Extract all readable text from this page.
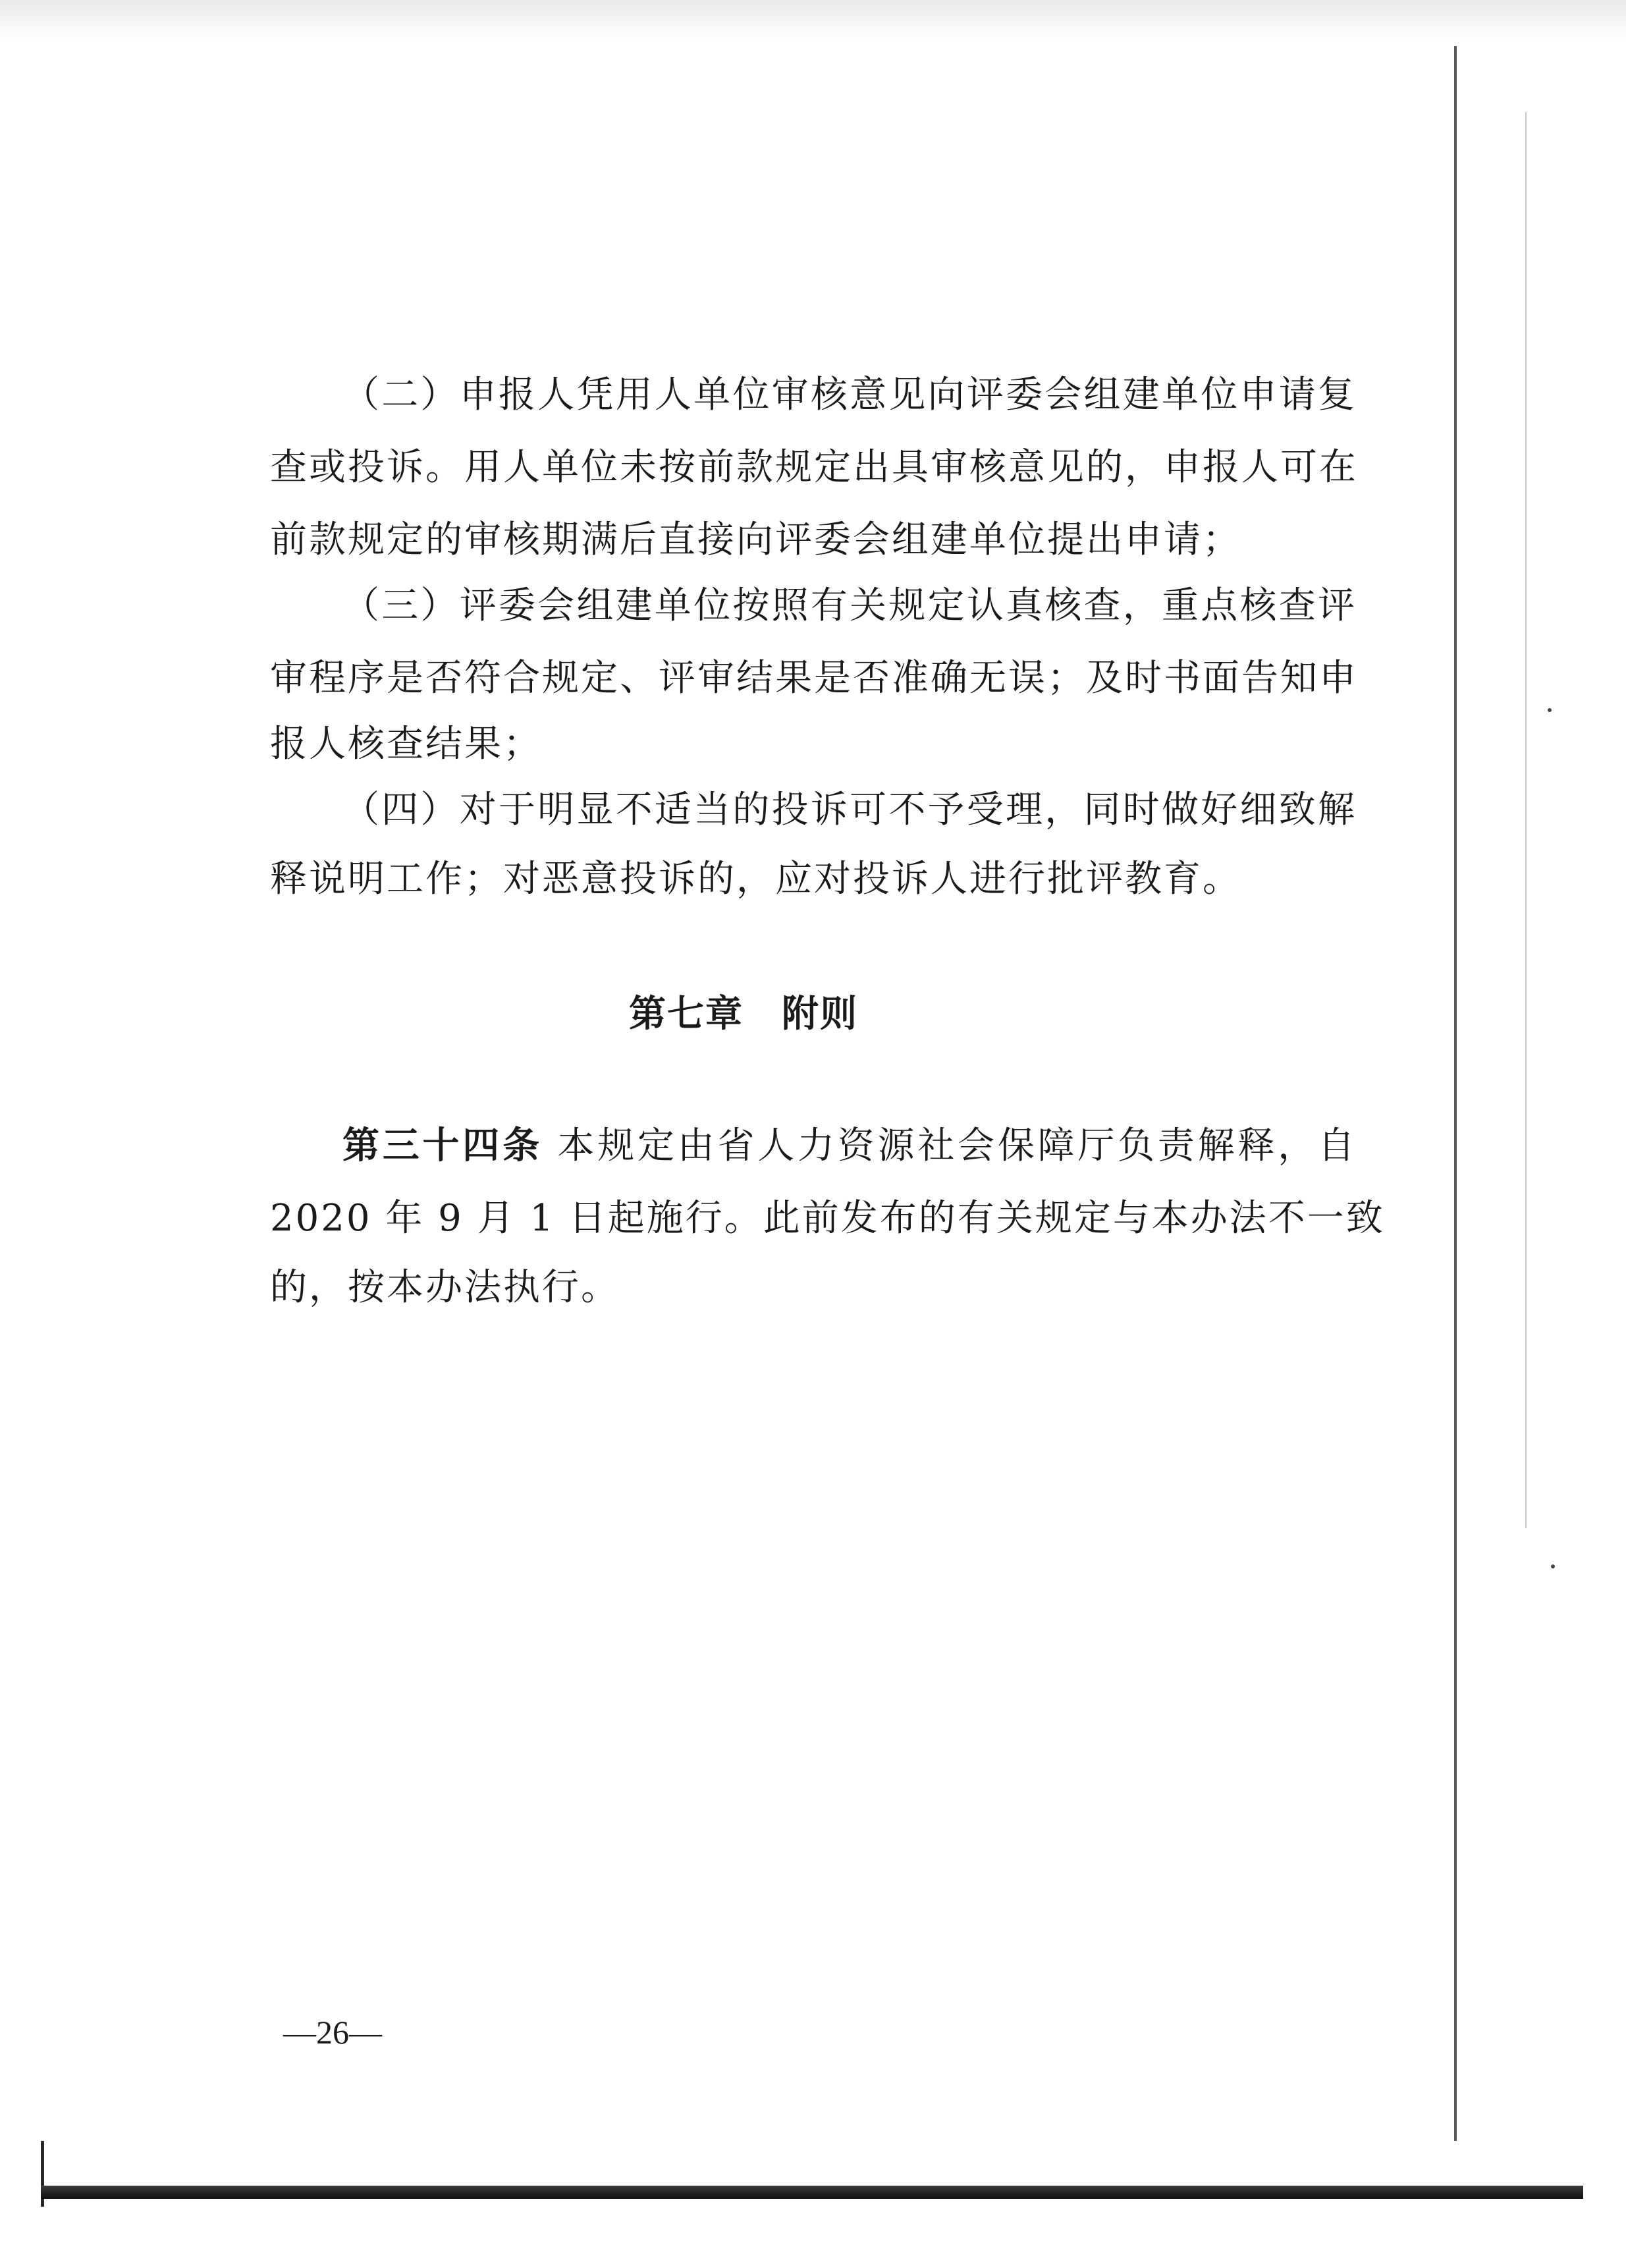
（二）申报人凭用人单位审核意见向评委会组建单位申请复
查或投诉。用人单位未按前款规定出具审核意见的，申报人可在
前款规定的审核期满后直接向评委会组建单位提出申请；
（三）评委会组建单位按照有关规定认真核查，重点核查评
审程序是否符合规定、评审结果是否准确无误；及时书面告知申
报人核查结果；
（四）对于明显不适当的投诉可不予受理，同时做好细致解
释说明工作；对恶意投诉的，应对投诉人进行批评教育。
第七章　附则
第三十四条 本规定由省人力资源社会保障厅负责解释，自
2020 年 9 月 1 日起施行。此前发布的有关规定与本办法不一致
的，按本办法执行。
—26—
